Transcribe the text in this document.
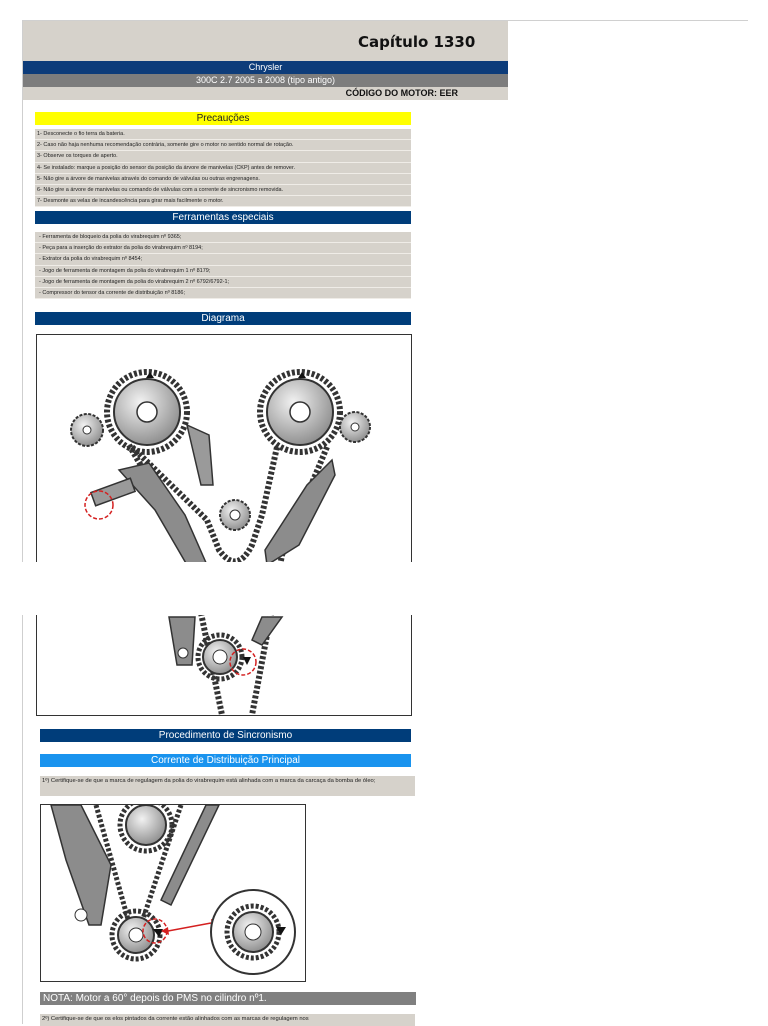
Capítulo 1330
Chrysler
300C 2.7 2005 a 2008 (tipo antigo)
CÓDIGO DO MOTOR: EER
Precauções
1- Desconecte o fio terra da bateria.
2- Caso não haja nenhuma recomendação contrária, somente gire o motor no sentido normal de rotação.
3- Observe os torques de aperto.
4- Se instalado: marque a posição do sensor da posição da árvore de manivelas (CKP) antes de remover.
5- Não gire a árvore de manivelas através do comando de válvulas ou outras engrenagens.
6- Não gire a árvore de manivelas ou comando de válvulas com a corrente de sincronismo removida.
7- Desmonte as velas de incandescência para girar mais facilmente o motor.
Ferramentas especiais
- Ferramenta de bloqueio da polia do virabrequim nº 9365;
- Peça para a inserção do extrator da polia do virabrequim nº 8194;
- Extrator da polia do virabrequim nº 8454;
- Jogo de ferramenta de montagem da polia do virabrequim 1 nº 8179;
- Jogo de ferramenta de montagem da polia do virabrequim 2 nº 6792/6792-1;
- Compressor do tensor da corrente de distribuição nº 8186;
Diagrama
Procedimento de Sincronismo
Corrente de Distribuição Principal
1º) Certifique-se de que a marca de regulagem da polia do virabrequim está alinhada com a marca da carcaça da bomba de óleo;
NOTA: Motor a 60° depois do PMS no cilindro nº1.
2º) Certifique-se de que os elos pintados da corrente estão alinhados com as marcas de regulagem nos
